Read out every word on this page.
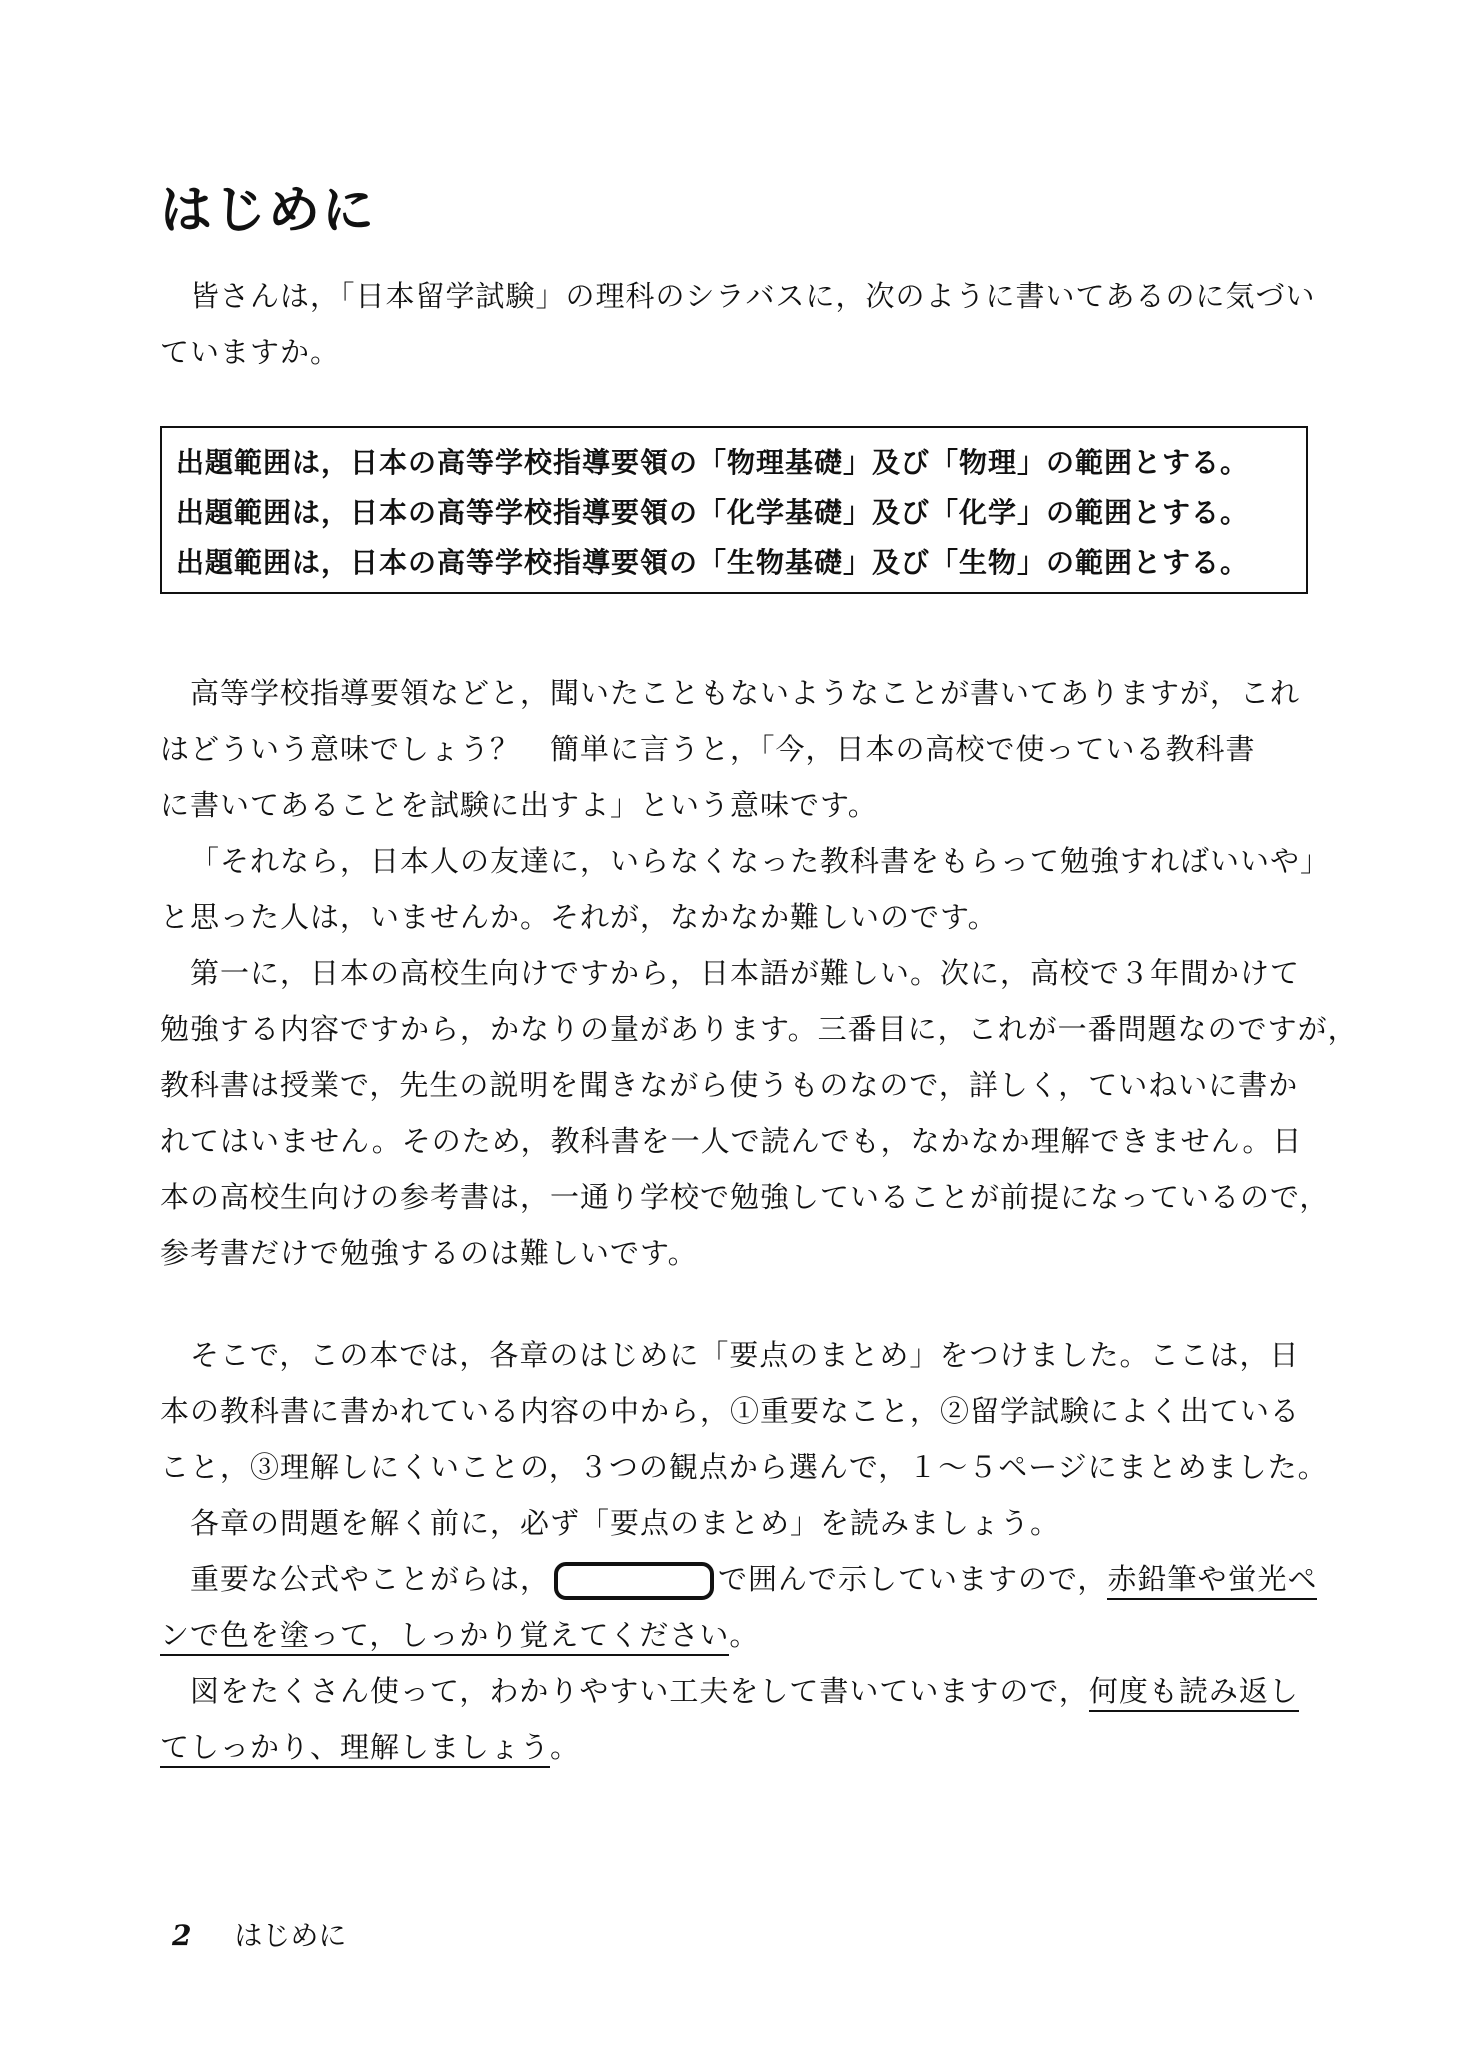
はじめに

皆さんは，「日本留学試験」の理科のシラバスに，次のように書いてあるのに気づい
ていますか。

出題範囲は，日本の高等学校指導要領の「物理基礎」及び「物理」の範囲とする。
出題範囲は，日本の高等学校指導要領の「化学基礎」及び「化学」の範囲とする。
出題範囲は，日本の高等学校指導要領の「生物基礎」及び「生物」の範囲とする。

高等学校指導要領などと，聞いたこともないようなことが書いてありますが，これ
はどういう意味でしょう？　簡単に言うと，「今，日本の高校で使っている教科書
に書いてあることを試験に出すよ」という意味です。

「それなら，日本人の友達に，いらなくなった教科書をもらって勉強すればいいや」
と思った人は，いませんか。それが，なかなか難しいのです。

第一に，日本の高校生向けですから，日本語が難しい。次に，高校で３年間かけて
勉強する内容ですから，かなりの量があります。三番目に，これが一番問題なのですが，
教科書は授業で，先生の説明を聞きながら使うものなので，詳しく，ていねいに書か
れてはいません。そのため，教科書を一人で読んでも，なかなか理解できません。日
本の高校生向けの参考書は，一通り学校で勉強していることが前提になっているので，
参考書だけで勉強するのは難しいです。

そこで，この本では，各章のはじめに「要点のまとめ」をつけました。ここは，日
本の教科書に書かれている内容の中から，①重要なこと，②留学試験によく出ている
こと，③理解しにくいことの，３つの観点から選んで，１～５ページにまとめました。

各章の問題を解く前に，必ず「要点のまとめ」を読みましょう。

重要な公式やことがらは，	で囲んで示していますので，赤鉛筆や蛍光ペ
ンで色を塗って，しっかり覚えてください。

図をたくさん使って，わかりやすい工夫をして書いていますので，何度も読み返し
てしっかり、理解しましょう。

2 はじめに
